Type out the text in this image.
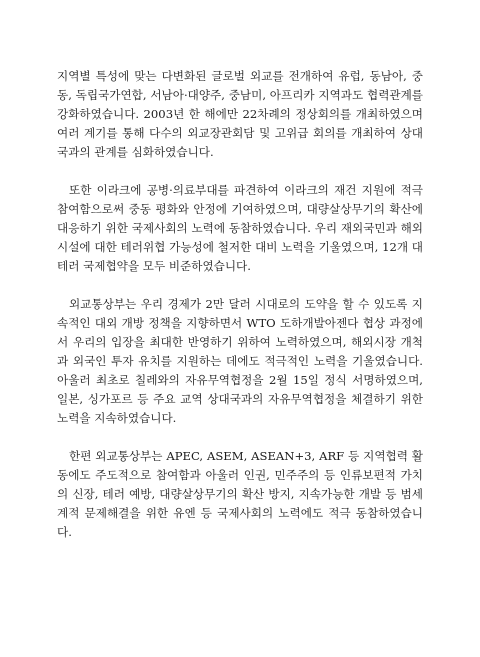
지역별 특성에 맞는 다변화된 글로벌 외교를 전개하여 유럽, 동남아, 중동, 독립국가연합, 서남아·대양주, 중남미, 아프리카 지역과도 협력관계를 강화하였습니다. 2003년 한 해에만 22차례의 정상회의를 개최하였으며 여러 계기를 통해 다수의 외교장관회담 및 고위급 회의를 개최하여 상대국과의 관계를 심화하였습니다.

또한 이라크에 공병·의료부대를 파견하여 이라크의 재건 지원에 적극 참여함으로써 중동 평화와 안정에 기여하였으며, 대량살상무기의 확산에 대응하기 위한 국제사회의 노력에 동참하였습니다. 우리 재외국민과 해외 시설에 대한 테러위협 가능성에 철저한 대비 노력을 기울였으며, 12개 대테러 국제협약을 모두 비준하였습니다.

외교통상부는 우리 경제가 2만 달러 시대로의 도약을 할 수 있도록 지속적인 대외 개방 정책을 지향하면서 WTO 도하개발아젠다 협상 과정에서 우리의 입장을 최대한 반영하기 위하여 노력하였으며, 해외시장 개척과 외국인 투자 유치를 지원하는 데에도 적극적인 노력을 기울였습니다. 아울러 최초로 칠레와의 자유무역협정을 2월 15일 정식 서명하였으며, 일본, 싱가포르 등 주요 교역 상대국과의 자유무역협정을 체결하기 위한 노력을 지속하였습니다.

한편 외교통상부는 APEC, ASEM, ASEAN+3, ARF 등 지역협력 활동에도 주도적으로 참여함과 아울러 인권, 민주주의 등 인류보편적 가치의 신장, 테러 예방, 대량살상무기의 확산 방지, 지속가능한 개발 등 범세계적 문제해결을 위한 유엔 등 국제사회의 노력에도 적극 동참하였습니다.
